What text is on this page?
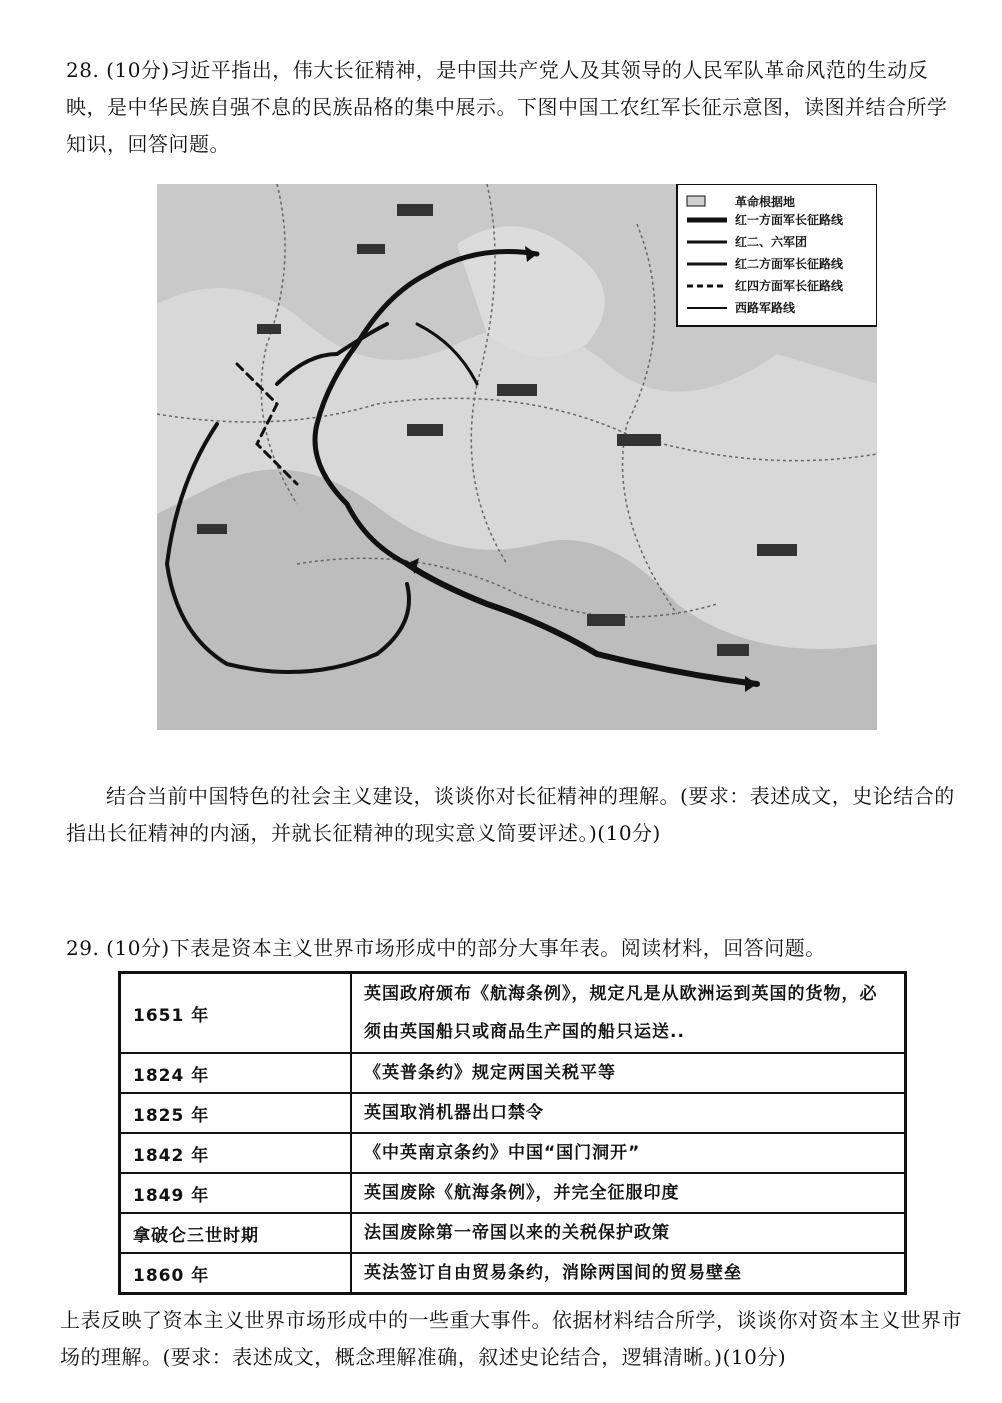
28. (10分)习近平指出，伟大长征精神，是中国共产党人及其领导的人民军队革命风范的生动反映，是中华民族自强不息的民族品格的集中展示。下图中国工农红军长征示意图，读图并结合所学知识，回答问题。

革命根据地
红一方面军长征路线
红二、六军团
红二方面军长征路线
红四方面军长征路线
西路军路线

结合当前中国特色的社会主义建设，谈谈你对长征精神的理解。(要求：表述成文，史论结合的指出长征精神的内涵，并就长征精神的现实意义简要评述。)(10分)

29. (10分)下表是资本主义世界市场形成中的部分大事年表。阅读材料，回答问题。

1651 年	英国政府颁布《航海条例》，规定凡是从欧洲运到英国的货物，必须由英国船只或商品生产国的船只运送..
1824 年	《英普条约》规定两国关税平等
1825 年	英国取消机器出口禁令
1842 年	《中英南京条约》中国“国门洞开”
1849 年	英国废除《航海条例》，并完全征服印度
拿破仑三世时期	法国废除第一帝国以来的关税保护政策
1860 年	英法签订自由贸易条约，消除两国间的贸易壁垒

上表反映了资本主义世界市场形成中的一些重大事件。依据材料结合所学，谈谈你对资本主义世界市场的理解。(要求：表述成文，概念理解准确，叙述史论结合，逻辑清晰。)(10分)
